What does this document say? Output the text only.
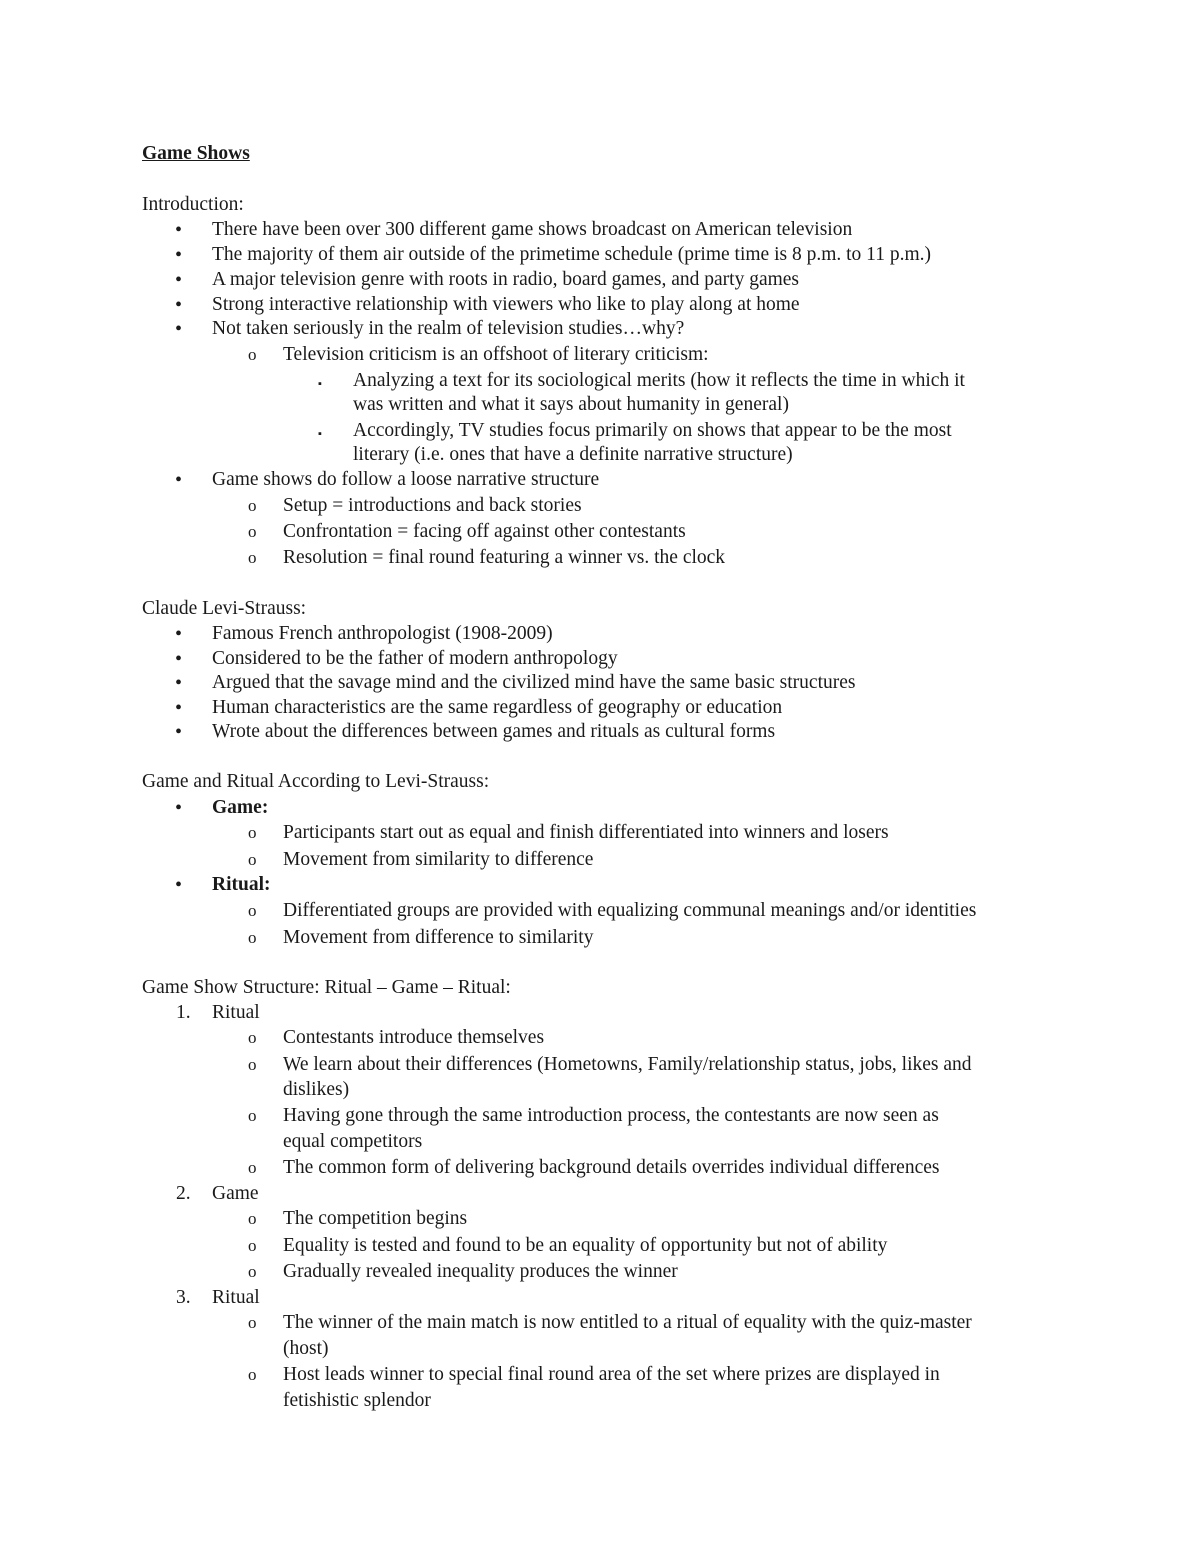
Game Shows
Introduction:
• There have been over 300 different game shows broadcast on American television
• The majority of them air outside of the primetime schedule (prime time is 8 p.m. to 11 p.m.)
• A major television genre with roots in radio, board games, and party games
• Strong interactive relationship with viewers who like to play along at home
• Not taken seriously in the realm of television studies…why?
o Television criticism is an offshoot of literary criticism:
▪ Analyzing a text for its sociological merits (how it reflects the time in which it
was written and what it says about humanity in general)
▪ Accordingly, TV studies focus primarily on shows that appear to be the most
literary (i.e. ones that have a definite narrative structure)
• Game shows do follow a loose narrative structure
o Setup = introductions and back stories
o Confrontation = facing off against other contestants
o Resolution = final round featuring a winner vs. the clock
Claude Levi-Strauss:
• Famous French anthropologist (1908-2009)
• Considered to be the father of modern anthropology
• Argued that the savage mind and the civilized mind have the same basic structures
• Human characteristics are the same regardless of geography or education
• Wrote about the differences between games and rituals as cultural forms
Game and Ritual According to Levi-Strauss:
• Game:
o Participants start out as equal and finish differentiated into winners and losers
o Movement from similarity to difference
• Ritual:
o Differentiated groups are provided with equalizing communal meanings and/or identities
o Movement from difference to similarity
Game Show Structure: Ritual – Game – Ritual:
1. Ritual
o Contestants introduce themselves
o We learn about their differences (Hometowns, Family/relationship status, jobs, likes and
dislikes)
o Having gone through the same introduction process, the contestants are now seen as
equal competitors
o The common form of delivering background details overrides individual differences
2. Game
o The competition begins
o Equality is tested and found to be an equality of opportunity but not of ability
o Gradually revealed inequality produces the winner
3. Ritual
o The winner of the main match is now entitled to a ritual of equality with the quiz-master
(host)
o Host leads winner to special final round area of the set where prizes are displayed in
fetishistic splendor
